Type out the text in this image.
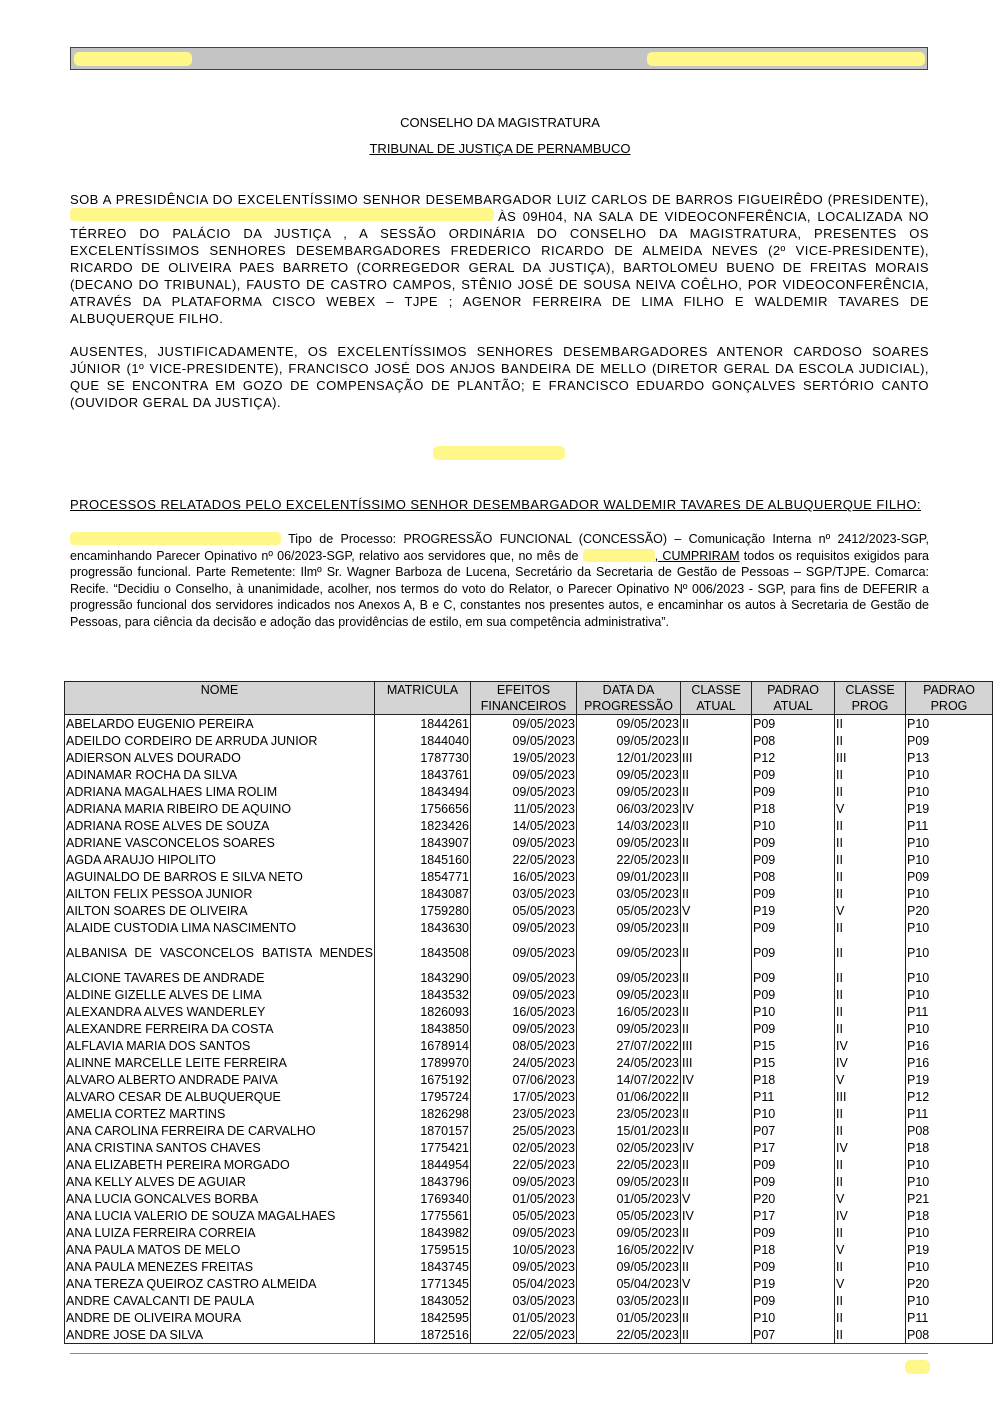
CONSELHO DA MAGISTRATURA
TRIBUNAL DE JUSTIÇA DE PERNAMBUCO
SOB A PRESIDÊNCIA DO EXCELENTÍSSIMO SENHOR DESEMBARGADOR LUIZ CARLOS DE BARROS FIGUEIRÊDO (PRESIDENTE),
ÀS 09H04, NA SALA DE VIDEOCONFERÊNCIA, LOCALIZADA NO
TÉRREO DO PALÁCIO DA JUSTIÇA , A SESSÃO ORDINÁRIA DO CONSELHO DA MAGISTRATURA, PRESENTES OS EXCELENTÍSSIMOS SENHORES DESEMBARGADORES FREDERICO RICARDO DE ALMEIDA NEVES (2º VICE-PRESIDENTE), RICARDO DE OLIVEIRA PAES BARRETO (CORREGEDOR GERAL DA JUSTIÇA), BARTOLOMEU BUENO DE FREITAS MORAIS (DECANO DO TRIBUNAL), FAUSTO DE CASTRO CAMPOS, STÊNIO JOSÉ DE SOUSA NEIVA COÊLHO, POR VIDEOCONFERÊNCIA, ATRAVÉS DA PLATAFORMA CISCO WEBEX – TJPE ; AGENOR FERREIRA DE LIMA FILHO E WALDEMIR TAVARES DE ALBUQUERQUE FILHO.
AUSENTES, JUSTIFICADAMENTE, OS EXCELENTÍSSIMOS SENHORES DESEMBARGADORES ANTENOR CARDOSO SOARES JÚNIOR (1º VICE-PRESIDENTE), FRANCISCO JOSÉ DOS ANJOS BANDEIRA DE MELLO (DIRETOR GERAL DA ESCOLA JUDICIAL), QUE SE ENCONTRA EM GOZO DE COMPENSAÇÃO DE PLANTÃO; E FRANCISCO EDUARDO GONÇALVES SERTÓRIO CANTO (OUVIDOR GERAL DA JUSTIÇA).
PROCESSOS RELATADOS PELO EXCELENTÍSSIMO SENHOR DESEMBARGADOR WALDEMIR TAVARES DE ALBUQUERQUE FILHO:
Tipo de Processo: PROGRESSÃO FUNCIONAL (CONCESSÃO) – Comunicação Interna nº 2412/2023-SGP, encaminhando Parecer Opinativo nº 06/2023-SGP, relativo aos servidores que, no mês de	, CUMPRIRAM todos os requisitos exigidos para progressão funcional. Parte Remetente: Ilmº Sr. Wagner Barboza de Lucena, Secretário da Secretaria de Gestão de Pessoas – SGP/TJPE. Comarca: Recife. “Decidiu o Conselho, à unanimidade, acolher, nos termos do voto do Relator, o Parecer Opinativo Nº 006/2023 - SGP, para fins de DEFERIR a progressão funcional dos servidores indicados nos Anexos A, B e C, constantes nos presentes autos, e encaminhar os autos à Secretaria de Gestão de Pessoas, para ciência da decisão e adoção das providências de estilo, em sua competência administrativa”.
NOME	MATRICULA	EFEITOS FINANCEIROS	DATA DA PROGRESSÃO	CLASSE ATUAL	PADRAO ATUAL	CLASSE PROG	PADRAO PROG
ABELARDO EUGENIO PEREIRA	1844261	09/05/2023	09/05/2023	II	P09	II	P10
ADEILDO CORDEIRO DE ARRUDA JUNIOR	1844040	09/05/2023	09/05/2023	II	P08	II	P09
ADIERSON ALVES DOURADO	1787730	19/05/2023	12/01/2023	III	P12	III	P13
ADINAMAR ROCHA DA SILVA	1843761	09/05/2023	09/05/2023	II	P09	II	P10
ADRIANA MAGALHAES LIMA ROLIM	1843494	09/05/2023	09/05/2023	II	P09	II	P10
ADRIANA MARIA RIBEIRO DE AQUINO	1756656	11/05/2023	06/03/2023	IV	P18	V	P19
ADRIANA ROSE ALVES DE SOUZA	1823426	14/05/2023	14/03/2023	II	P10	II	P11
ADRIANE VASCONCELOS SOARES	1843907	09/05/2023	09/05/2023	II	P09	II	P10
AGDA ARAUJO HIPOLITO	1845160	22/05/2023	22/05/2023	II	P09	II	P10
AGUINALDO DE BARROS E SILVA NETO	1854771	16/05/2023	09/01/2023	II	P08	II	P09
AILTON FELIX PESSOA JUNIOR	1843087	03/05/2023	03/05/2023	II	P09	II	P10
AILTON SOARES DE OLIVEIRA	1759280	05/05/2023	05/05/2023	V	P19	V	P20
ALAIDE CUSTODIA LIMA NASCIMENTO	1843630	09/05/2023	09/05/2023	II	P09	II	P10
ALBANISA DE VASCONCELOS BATISTA MENDES	1843508	09/05/2023	09/05/2023	II	P09	II	P10
ALCIONE TAVARES DE ANDRADE	1843290	09/05/2023	09/05/2023	II	P09	II	P10
ALDINE GIZELLE ALVES DE LIMA	1843532	09/05/2023	09/05/2023	II	P09	II	P10
ALEXANDRA ALVES WANDERLEY	1826093	16/05/2023	16/05/2023	II	P10	II	P11
ALEXANDRE FERREIRA DA COSTA	1843850	09/05/2023	09/05/2023	II	P09	II	P10
ALFLAVIA MARIA DOS SANTOS	1678914	08/05/2023	27/07/2022	III	P15	IV	P16
ALINNE MARCELLE LEITE FERREIRA	1789970	24/05/2023	24/05/2023	III	P15	IV	P16
ALVARO ALBERTO ANDRADE PAIVA	1675192	07/06/2023	14/07/2022	IV	P18	V	P19
ALVARO CESAR DE ALBUQUERQUE	1795724	17/05/2023	01/06/2022	II	P11	III	P12
AMELIA CORTEZ MARTINS	1826298	23/05/2023	23/05/2023	II	P10	II	P11
ANA CAROLINA FERREIRA DE CARVALHO	1870157	25/05/2023	15/01/2023	II	P07	II	P08
ANA CRISTINA SANTOS CHAVES	1775421	02/05/2023	02/05/2023	IV	P17	IV	P18
ANA ELIZABETH PEREIRA MORGADO	1844954	22/05/2023	22/05/2023	II	P09	II	P10
ANA KELLY ALVES DE AGUIAR	1843796	09/05/2023	09/05/2023	II	P09	II	P10
ANA LUCIA GONCALVES BORBA	1769340	01/05/2023	01/05/2023	V	P20	V	P21
ANA LUCIA VALERIO DE SOUZA MAGALHAES	1775561	05/05/2023	05/05/2023	IV	P17	IV	P18
ANA LUIZA FERREIRA CORREIA	1843982	09/05/2023	09/05/2023	II	P09	II	P10
ANA PAULA MATOS DE MELO	1759515	10/05/2023	16/05/2022	IV	P18	V	P19
ANA PAULA MENEZES FREITAS	1843745	09/05/2023	09/05/2023	II	P09	II	P10
ANA TEREZA QUEIROZ CASTRO ALMEIDA	1771345	05/04/2023	05/04/2023	V	P19	V	P20
ANDRE CAVALCANTI DE PAULA	1843052	03/05/2023	03/05/2023	II	P09	II	P10
ANDRE DE OLIVEIRA MOURA	1842595	01/05/2023	01/05/2023	II	P10	II	P11
ANDRE JOSE DA SILVA	1872516	22/05/2023	22/05/2023	II	P07	II	P08
